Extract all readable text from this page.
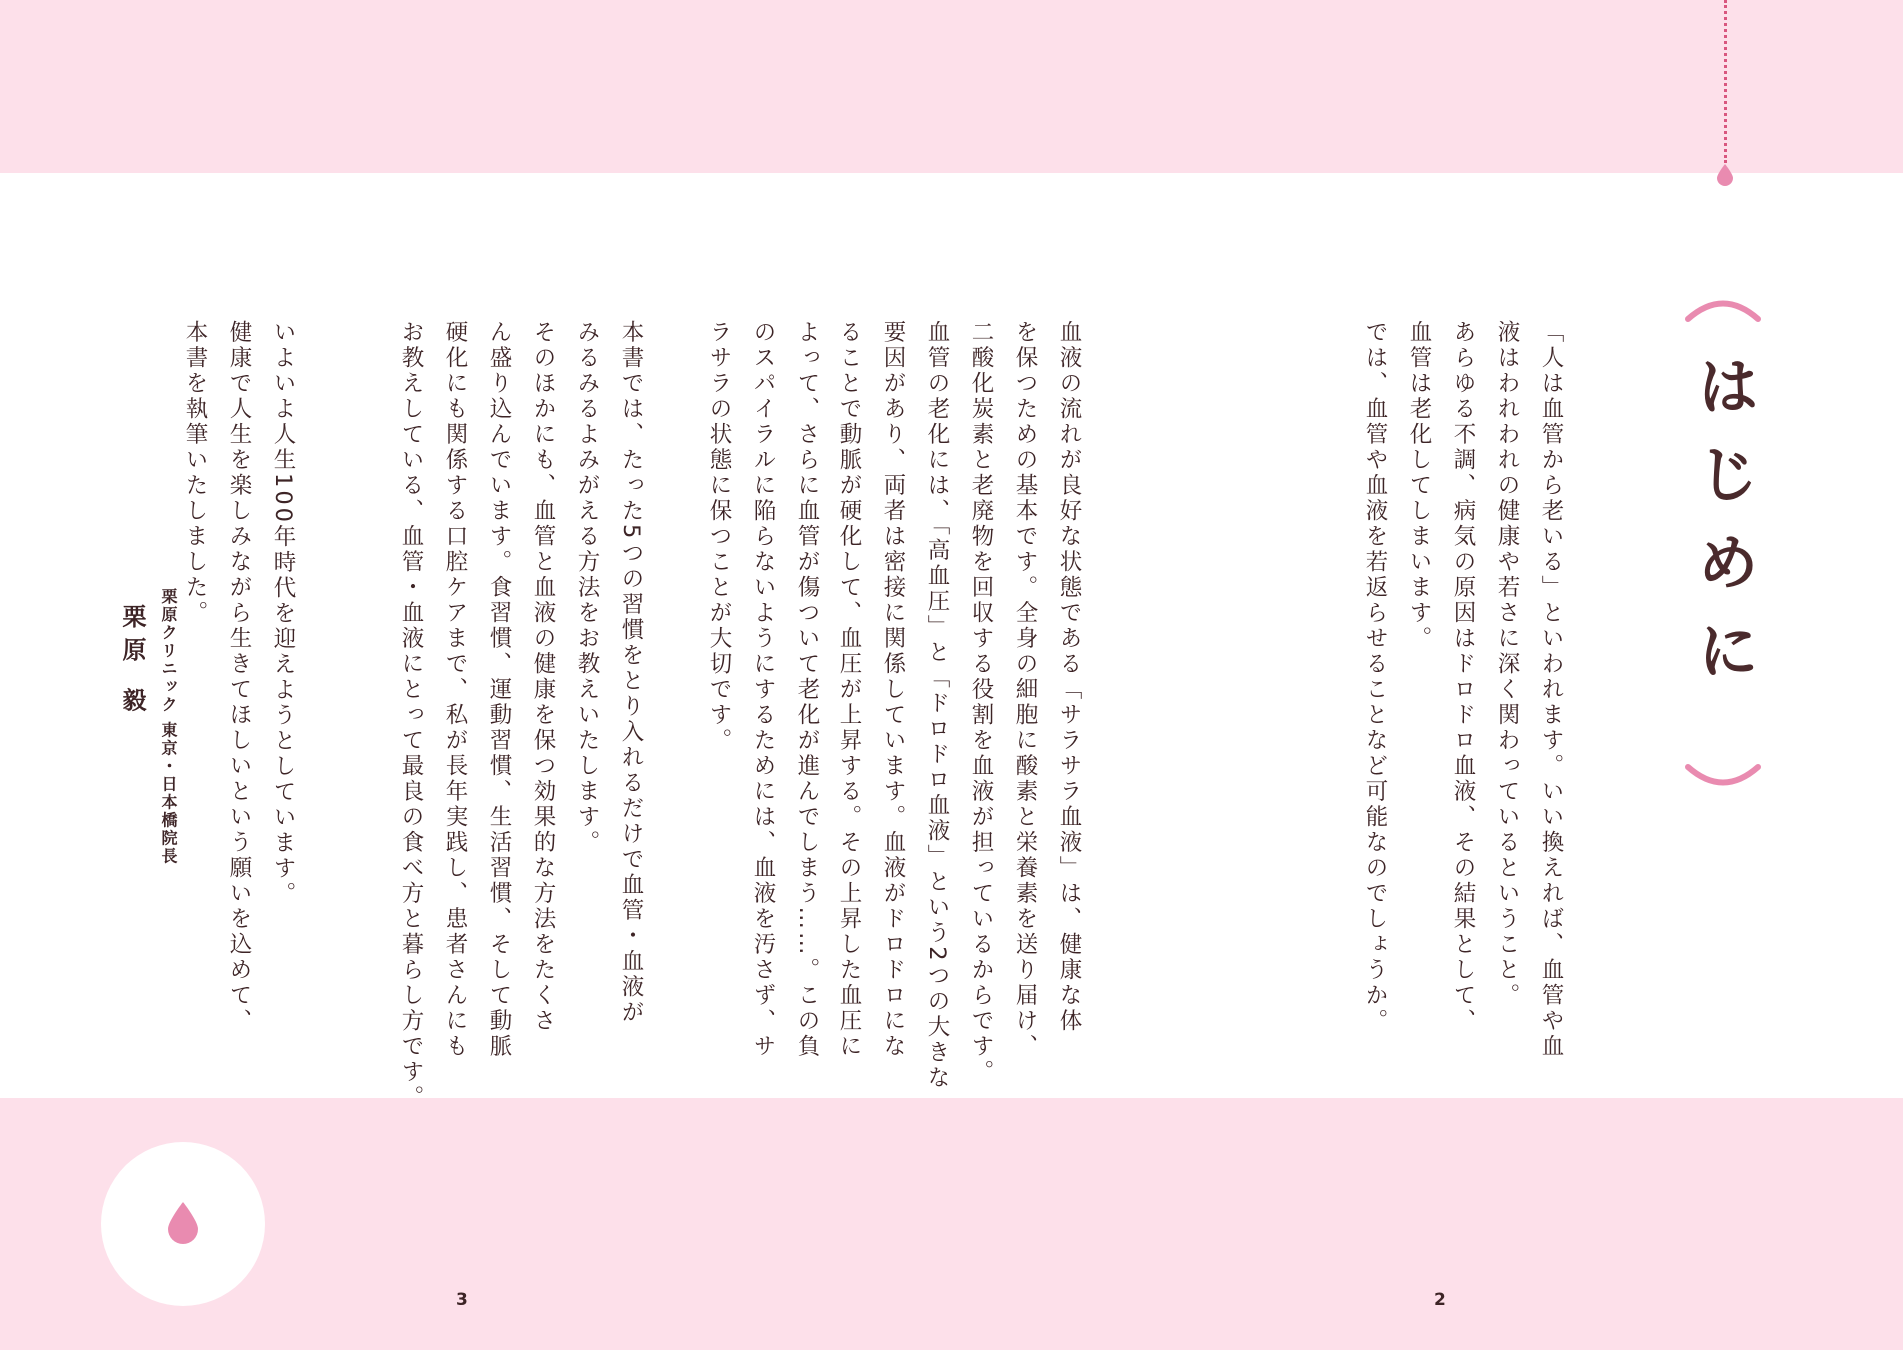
3	2
はじめに

「人は血管から老いる」といわれます。いい換えれば、血管や血

液はわれわれの健康や若さに深く関わっているということ。

あらゆる不調、病気の原因はドロドロ血液、その結果として、

血管は老化してしまいます。

では、血管や血液を若返らせることなど可能なのでしょうか。

血液の流れが良好な状態である「サラサラ血液」は、健康な体

を保つための基本です。全身の細胞に酸素と栄養素を送り届け、

二酸化炭素と老廃物を回収する役割を血液が担っているからです。

血管の老化には、「高血圧」と「ドロドロ血液」という2つの大きな

要因があり、両者は密接に関係しています。血液がドロドロにな

ることで動脈が硬化して、血圧が上昇する。その上昇した血圧に

よって、さらに血管が傷ついて老化が進んでしまう……。この負

のスパイラルに陥らないようにするためには、血液を汚さず、サ

ラサラの状態に保つことが大切です。

本書では、たった5つの習慣をとり入れるだけで血管・血液が

みるみるよみがえる方法をお教えいたします。

そのほかにも、血管と血液の健康を保つ効果的な方法をたくさ

ん盛り込んでいます。食習慣、運動習慣、生活習慣、そして動脈

硬化にも関係する口腔ケアまで、私が長年実践し、患者さんにも

お教えしている、血管・血液にとって最良の食べ方と暮らし方です。

いよいよ人生100年時代を迎えようとしています。

健康で人生を楽しみながら生きてほしいという願いを込めて、

本書を執筆いたしました。

栗原クリニック 東京・日本橋院長
栗原 毅
